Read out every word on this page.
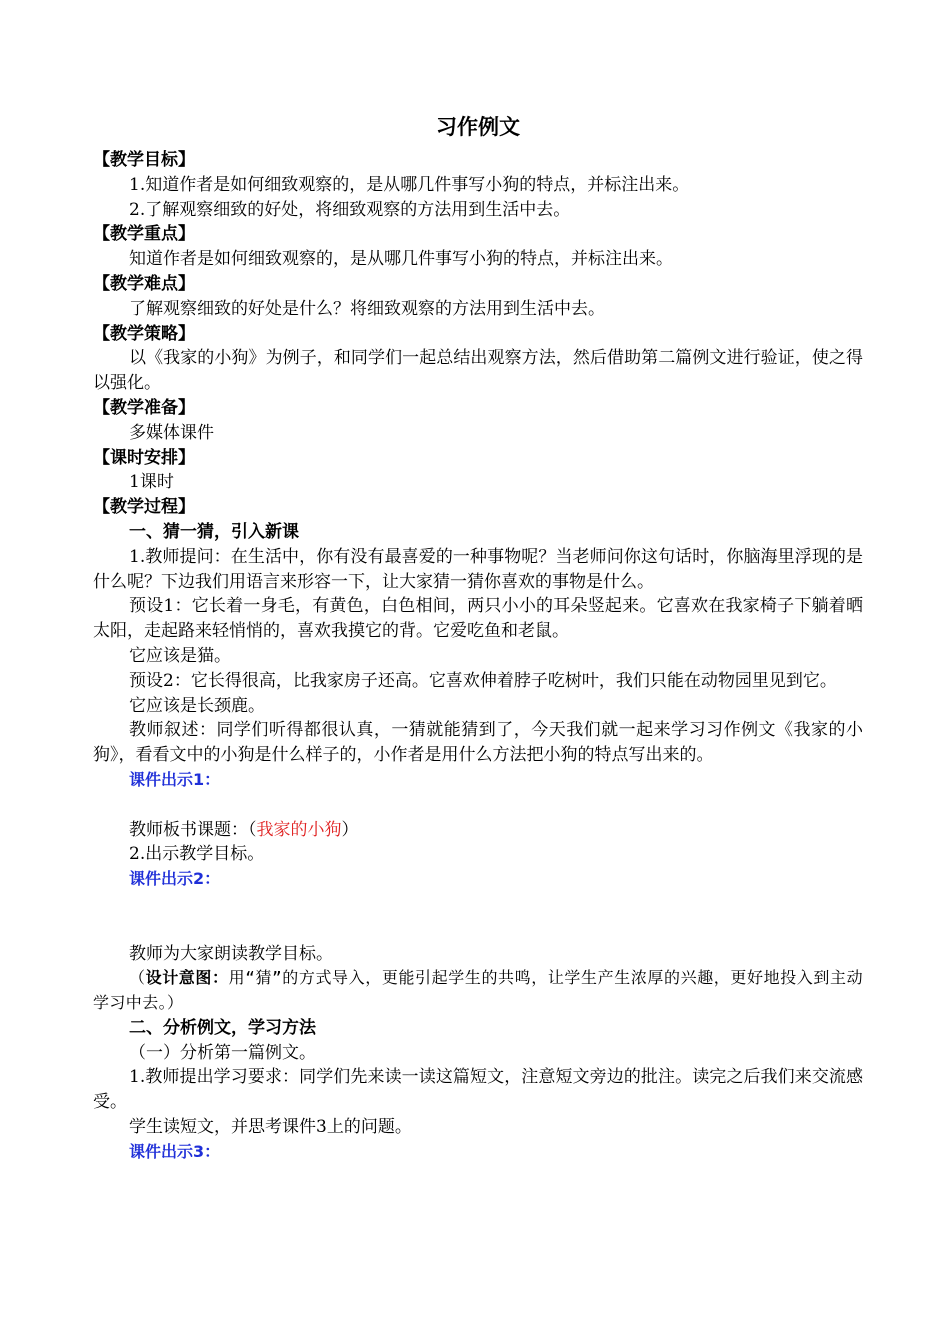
习作例文
【教学目标】
1.知道作者是如何细致观察的，是从哪几件事写小狗的特点，并标注出来。
2.了解观察细致的好处，将细致观察的方法用到生活中去。
【教学重点】
知道作者是如何细致观察的，是从哪几件事写小狗的特点，并标注出来。
【教学难点】
了解观察细致的好处是什么？将细致观察的方法用到生活中去。
【教学策略】
以《我家的小狗》为例子，和同学们一起总结出观察方法，然后借助第二篇例文进行验证，使之得以强化。
【教学准备】
多媒体课件
【课时安排】
1课时
【教学过程】
一、猜一猜，引入新课
1.教师提问：在生活中，你有没有最喜爱的一种事物呢？当老师问你这句话时，你脑海里浮现的是什么呢？下边我们用语言来形容一下，让大家猜一猜你喜欢的事物是什么。
预设1：它长着一身毛，有黄色，白色相间，两只小小的耳朵竖起来。它喜欢在我家椅子下躺着晒太阳，走起路来轻悄悄的，喜欢我摸它的背。它爱吃鱼和老鼠。
它应该是猫。
预设2：它长得很高，比我家房子还高。它喜欢伸着脖子吃树叶，我们只能在动物园里见到它。
它应该是长颈鹿。
教师叙述：同学们听得都很认真，一猜就能猜到了，今天我们就一起来学习习作例文《我家的小狗》，看看文中的小狗是什么样子的，小作者是用什么方法把小狗的特点写出来的。
课件出示1：
教师板书课题：（我家的小狗）
2.出示教学目标。
课件出示2：
教师为大家朗读教学目标。
（设计意图：用“猜”的方式导入，更能引起学生的共鸣，让学生产生浓厚的兴趣，更好地投入到主动学习中去。）
二、分析例文，学习方法
（一）分析第一篇例文。
1.教师提出学习要求：同学们先来读一读这篇短文，注意短文旁边的批注。读完之后我们来交流感受。
学生读短文，并思考课件3上的问题。
课件出示3：
